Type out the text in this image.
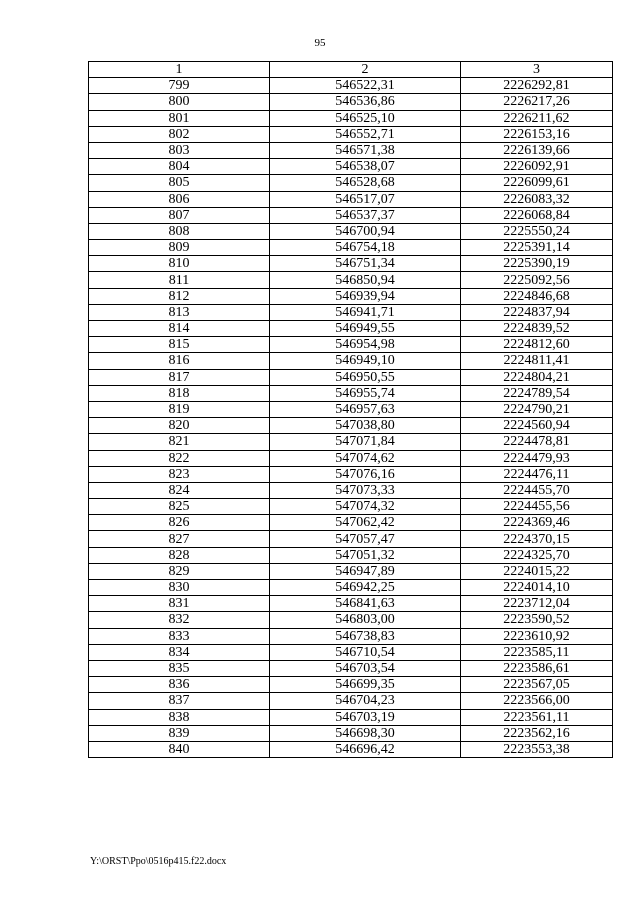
95
1	2	3
799	546522,31	2226292,81
800	546536,86	2226217,26
801	546525,10	2226211,62
802	546552,71	2226153,16
803	546571,38	2226139,66
804	546538,07	2226092,91
805	546528,68	2226099,61
806	546517,07	2226083,32
807	546537,37	2226068,84
808	546700,94	2225550,24
809	546754,18	2225391,14
810	546751,34	2225390,19
811	546850,94	2225092,56
812	546939,94	2224846,68
813	546941,71	2224837,94
814	546949,55	2224839,52
815	546954,98	2224812,60
816	546949,10	2224811,41
817	546950,55	2224804,21
818	546955,74	2224789,54
819	546957,63	2224790,21
820	547038,80	2224560,94
821	547071,84	2224478,81
822	547074,62	2224479,93
823	547076,16	2224476,11
824	547073,33	2224455,70
825	547074,32	2224455,56
826	547062,42	2224369,46
827	547057,47	2224370,15
828	547051,32	2224325,70
829	546947,89	2224015,22
830	546942,25	2224014,10
831	546841,63	2223712,04
832	546803,00	2223590,52
833	546738,83	2223610,92
834	546710,54	2223585,11
835	546703,54	2223586,61
836	546699,35	2223567,05
837	546704,23	2223566,00
838	546703,19	2223561,11
839	546698,30	2223562,16
840	546696,42	2223553,38
Y:\ORST\Ppo\0516p415.f22.docx
